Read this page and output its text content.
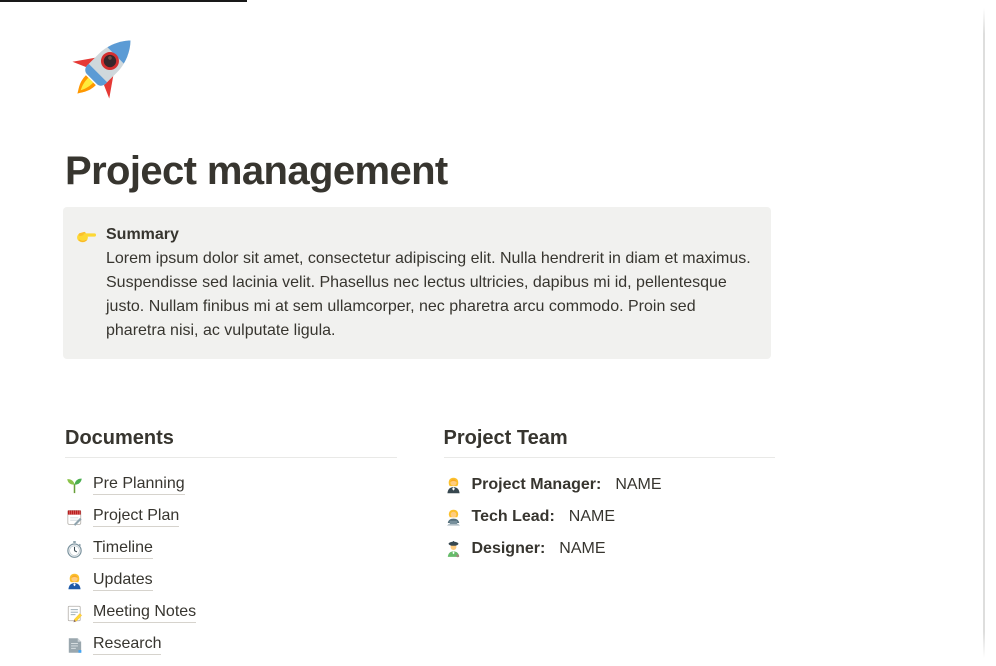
Project management
Summary
Lorem ipsum dolor sit amet, consectetur adipiscing elit. Nulla hendrerit in diam et maximus. Suspendisse sed lacinia velit. Phasellus nec lectus ultricies, dapibus mi id, pellentesque justo. Nullam finibus mi at sem ullamcorper, nec pharetra arcu commodo. Proin sed pharetra nisi, ac vulputate ligula.
Documents
Pre Planning
Project Plan
Timeline
Updates
Meeting Notes
Research
Project Team
Project Manager: NAME
Tech Lead: NAME
Designer: NAME
